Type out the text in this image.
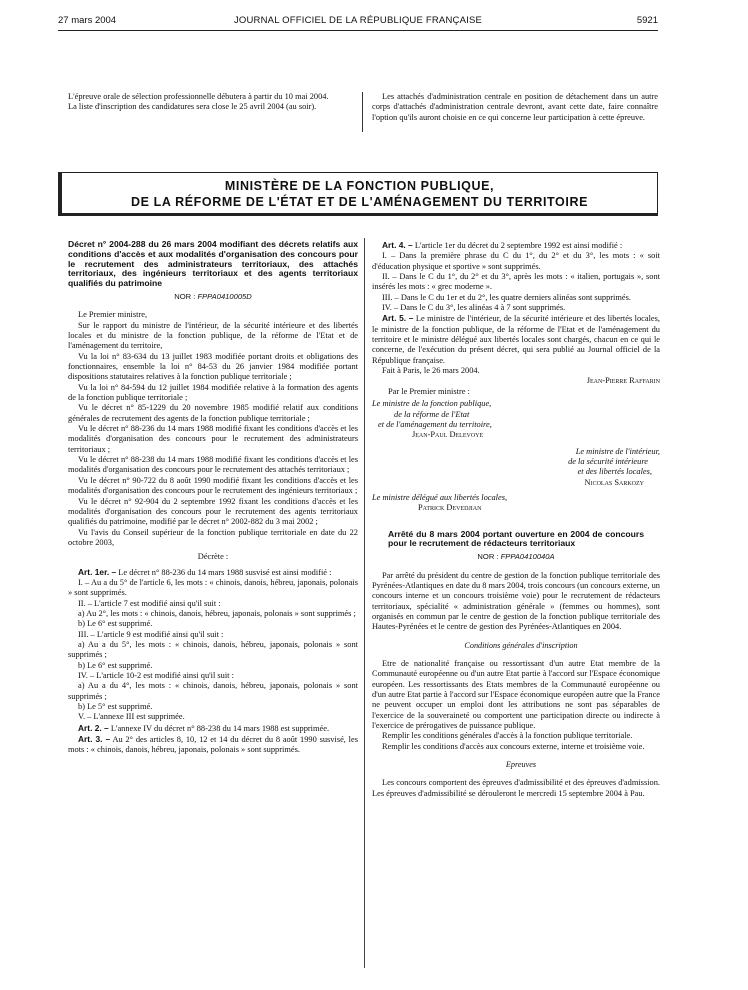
27 mars 2004	JOURNAL OFFICIEL DE LA RÉPUBLIQUE FRANÇAISE	5921

L'épreuve orale de sélection professionnelle débutera à partir du 10 mai 2004.

La liste d'inscription des candidatures sera close le 25 avril 2004 (au soir).

Les attachés d'administration centrale en position de détachement dans un autre corps d'attachés d'administration centrale devront, avant cette date, faire connaître l'option qu'ils auront choisie en ce qui concerne leur participation à cette épreuve.

MINISTÈRE DE LA FONCTION PUBLIQUE,
DE LA RÉFORME DE L'ÉTAT ET DE L'AMÉNAGEMENT DU TERRITOIRE
Décret n° 2004-288 du 26 mars 2004 modifiant des décrets relatifs aux conditions d'accès et aux modalités d'organisation des concours pour le recrutement des administrateurs territoriaux, des attachés territoriaux, des ingénieurs territoriaux et des agents territoriaux qualifiés du patrimoine
NOR : FPPA0410005D

Le Premier ministre,

Sur le rapport du ministre de l'intérieur, de la sécurité intérieure et des libertés locales et du ministre de la fonction publique, de la réforme de l'Etat et de l'aménagement du territoire,

Vu la loi n° 83-634 du 13 juillet 1983 modifiée portant droits et obligations des fonctionnaires, ensemble la loi n° 84-53 du 26 janvier 1984 modifiée portant dispositions statutaires relatives à la fonction publique territoriale ;

Vu la loi n° 84-594 du 12 juillet 1984 modifiée relative à la formation des agents de la fonction publique territoriale ;

Vu le décret n° 85-1229 du 20 novembre 1985 modifié relatif aux conditions générales de recrutement des agents de la fonction publique territoriale ;

Vu le décret n° 88-236 du 14 mars 1988 modifié fixant les conditions d'accès et les modalités d'organisation des concours pour le recrutement des administrateurs territoriaux ;

Vu le décret n° 88-238 du 14 mars 1988 modifié fixant les conditions d'accès et les modalités d'organisation des concours pour le recrutement des attachés territoriaux ;

Vu le décret n° 90-722 du 8 août 1990 modifié fixant les conditions d'accès et les modalités d'organisation des concours pour le recrutement des ingénieurs territoriaux ;

Vu le décret n° 92-904 du 2 septembre 1992 fixant les conditions d'accès et les modalités d'organisation des concours pour le recrutement des agents territoriaux qualifiés du patrimoine, modifié par le décret n° 2002-882 du 3 mai 2002 ;

Vu l'avis du Conseil supérieur de la fonction publique territoriale en date du 22 octobre 2003,

Décrète :

Art. 1er. – Le décret n° 88-236 du 14 mars 1988 susvisé est ainsi modifié :

I. – Au a du 5° de l'article 6, les mots : « chinois, danois, hébreu, japonais, polonais » sont supprimés.

II. – L'article 7 est modifié ainsi qu'il suit :

a) Au 2°, les mots : « chinois, danois, hébreu, japonais, polonais » sont supprimés ;

b) Le 6° est supprimé.

III. – L'article 9 est modifié ainsi qu'il suit :

a) Au a du 5°, les mots : « chinois, danois, hébreu, japonais, polonais » sont supprimés ;

b) Le 6° est supprimé.

IV. – L'article 10-2 est modifié ainsi qu'il suit :

a) Au a du 4°, les mots : « chinois, danois, hébreu, japonais, polonais » sont supprimés ;

b) Le 5° est supprimé.

V. – L'annexe III est supprimée.

Art. 2. – L'annexe IV du décret n° 88-238 du 14 mars 1988 est supprimée.

Art. 3. – Au 2° des articles 8, 10, 12 et 14 du décret du 8 août 1990 susvisé, les mots : « chinois, danois, hébreu, japonais, polonais » sont supprimés.

Art. 4. – L'article 1er du décret du 2 septembre 1992 est ainsi modifié :

I. – Dans la première phrase du C du 1°, du 2° et du 3°, les mots : « soit d'éducation physique et sportive » sont supprimés.

II. – Dans le C du 1°, du 2° et du 3°, après les mots : « italien, portugais », sont insérés les mots : « grec moderne ».

III. – Dans le C du 1er et du 2°, les quatre derniers alinéas sont supprimés.

IV. – Dans le C du 3°, les alinéas 4 à 7 sont supprimés.

Art. 5. – Le ministre de l'intérieur, de la sécurité intérieure et des libertés locales, le ministre de la fonction publique, de la réforme de l'Etat et de l'aménagement du territoire et le ministre délégué aux libertés locales sont chargés, chacun en ce qui le concerne, de l'exécution du présent décret, qui sera publié au Journal officiel de la République française.

Fait à Paris, le 26 mars 2004.

Jean-Pierre Raffarin

Par le Premier ministre :

Le ministre de la fonction publique,

de la réforme de l'Etat

et de l'aménagement du territoire,

Jean-Paul Delevoye

Le ministre de l'intérieur,

de la sécurité intérieure

et des libertés locales,

Nicolas Sarkozy

Le ministre délégué aux libertés locales,

Patrick Devedjian

Arrêté du 8 mars 2004 portant ouverture en 2004 de concours pour le recrutement de rédacteurs territoriaux
NOR : FPPA0410040A

Par arrêté du président du centre de gestion de la fonction publique territoriale des Pyrénées-Atlantiques en date du 8 mars 2004, trois concours (un concours externe, un concours interne et un concours troisième voie) pour le recrutement de rédacteurs territoriaux, spécialité « administration générale » (femmes ou hommes), sont organisés en commun par le centre de gestion de la fonction publique territoriale des Hautes-Pyrénées et le centre de gestion des Pyrénées-Atlantiques en 2004.

Conditions générales d'inscription

Etre de nationalité française ou ressortissant d'un autre Etat membre de la Communauté européenne ou d'un autre Etat partie à l'accord sur l'Espace économique européen. Les ressortissants des Etats membres de la Communauté européenne ou d'un autre Etat partie à l'accord sur l'Espace économique européen autre que la France ne peuvent occuper un emploi dont les attributions ne sont pas séparables de l'exercice de la souveraineté ou comportent une participation directe ou indirecte à l'exercice de prérogatives de puissance publique.

Remplir les conditions générales d'accès à la fonction publique territoriale.

Remplir les conditions d'accès aux concours externe, interne et troisième voie.

Epreuves

Les concours comportent des épreuves d'admissibilité et des épreuves d'admission. Les épreuves d'admissibilité se dérouleront le mercredi 15 septembre 2004 à Pau.
